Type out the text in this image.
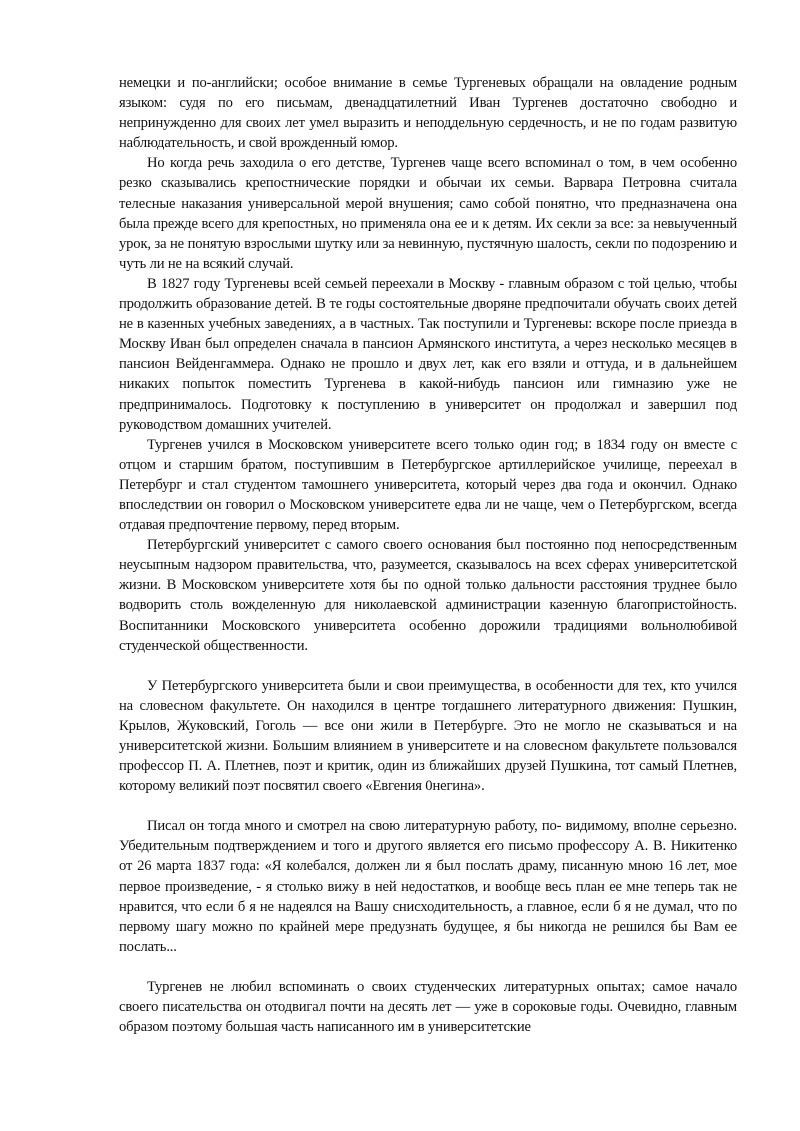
немецки и по-английски; особое внимание в семье Тургеневых обращали на овладение родным языком: судя по его письмам, двенадцатилетний Иван Тургенев достаточно свободно и непринужденно для своих лет умел выразить и неподдельную сердечность, и не по годам развитую наблюдательность, и свой врожденный юмор.

Но когда речь заходила о его детстве, Тургенев чаще всего вспоминал о том, в чем особенно резко сказывались крепостнические порядки и обычаи их семьи. Варвара Петровна считала телесные наказания универсальной мерой внушения; само собой понятно, что предназначена она была прежде всего для крепостных, но применяла она ее и к детям. Их секли за все: за невыученный урок, за не понятую взрослыми шутку или за невинную, пустячную шалость, секли по подозрению и чуть ли не на всякий случай.

В 1827 году Тургеневы всей семьей переехали в Москву - главным образом с той целью, чтобы продолжить образование детей. В те годы состоятельные дворяне предпочитали обучать своих детей не в казенных учебных заведениях, а в частных. Так поступили и Тургеневы: вскоре после приезда в Москву Иван был определен сначала в пансион Армянского института, а через несколько месяцев в пансион Вейденгаммера. Однако не прошло и двух лет, как его взяли и оттуда, и в дальнейшем никаких попыток поместить Тургенева в какой-нибудь пансион или гимназию уже не предпринималось. Подготовку к поступлению в университет он продолжал и завершил под руководством домашних учителей.

Тургенев учился в Московском университете всего только один год; в 1834 году он вместе с отцом и старшим братом, поступившим в Петербургское артиллерийское училище, переехал в Петербург и стал студентом тамошнего университета, который через два года и окончил. Однако впоследствии он говорил о Московском университете едва ли не чаще, чем о Петербургском, всегда отдавая предпочтение первому, перед вторым.

Петербургский университет с самого своего основания был постоянно под непосредственным неусыпным надзором правительства, что, разумеется, сказывалось на всех сферах университетской жизни. В Московском университете хотя бы по одной только дальности расстояния труднее было водворить столь вожделенную для николаевской администрации казенную благопристойность. Воспитанники Московского университета особенно дорожили традициями вольнолюбивой студенческой общественности.

У Петербургского университета были и свои преимущества, в особенности для тех, кто учился на словесном факультете. Он находился в центре тогдашнего литературного движения: Пушкин, Крылов, Жуковский, Гоголь — все они жили в Петербурге. Это не могло не сказываться и на университетской жизни. Большим влиянием в университете и на словесном факультете пользовался профессор П. А. Плетнев, поэт и критик, один из ближайших друзей Пушкина, тот самый Плетнев, которому великий поэт посвятил своего «Евгения 0негина».

Писал он тогда много и смотрел на свою литературную работу, по- видимому, вполне серьезно. Убедительным подтверждением и того и другого является его письмо профессору А. В. Никитенко от 26 марта 1837 года: «Я колебался, должен ли я был послать драму, писанную мною 16 лет, мое первое произведение, - я столько вижу в ней недостатков, и вообще весь план ее мне теперь так не нравится, что если б я не надеялся на Вашу снисходительность, а главное, если б я не думал, что по первому шагу можно по крайней мере предузнать будущее, я бы никогда не решился бы Вам ее послать...

Тургенев не любил вспоминать о своих студенческих литературных опытах; самое начало своего писательства он отодвигал почти на десять лет — уже в сороковые годы. Очевидно, главным образом поэтому большая часть написанного им в университетские
